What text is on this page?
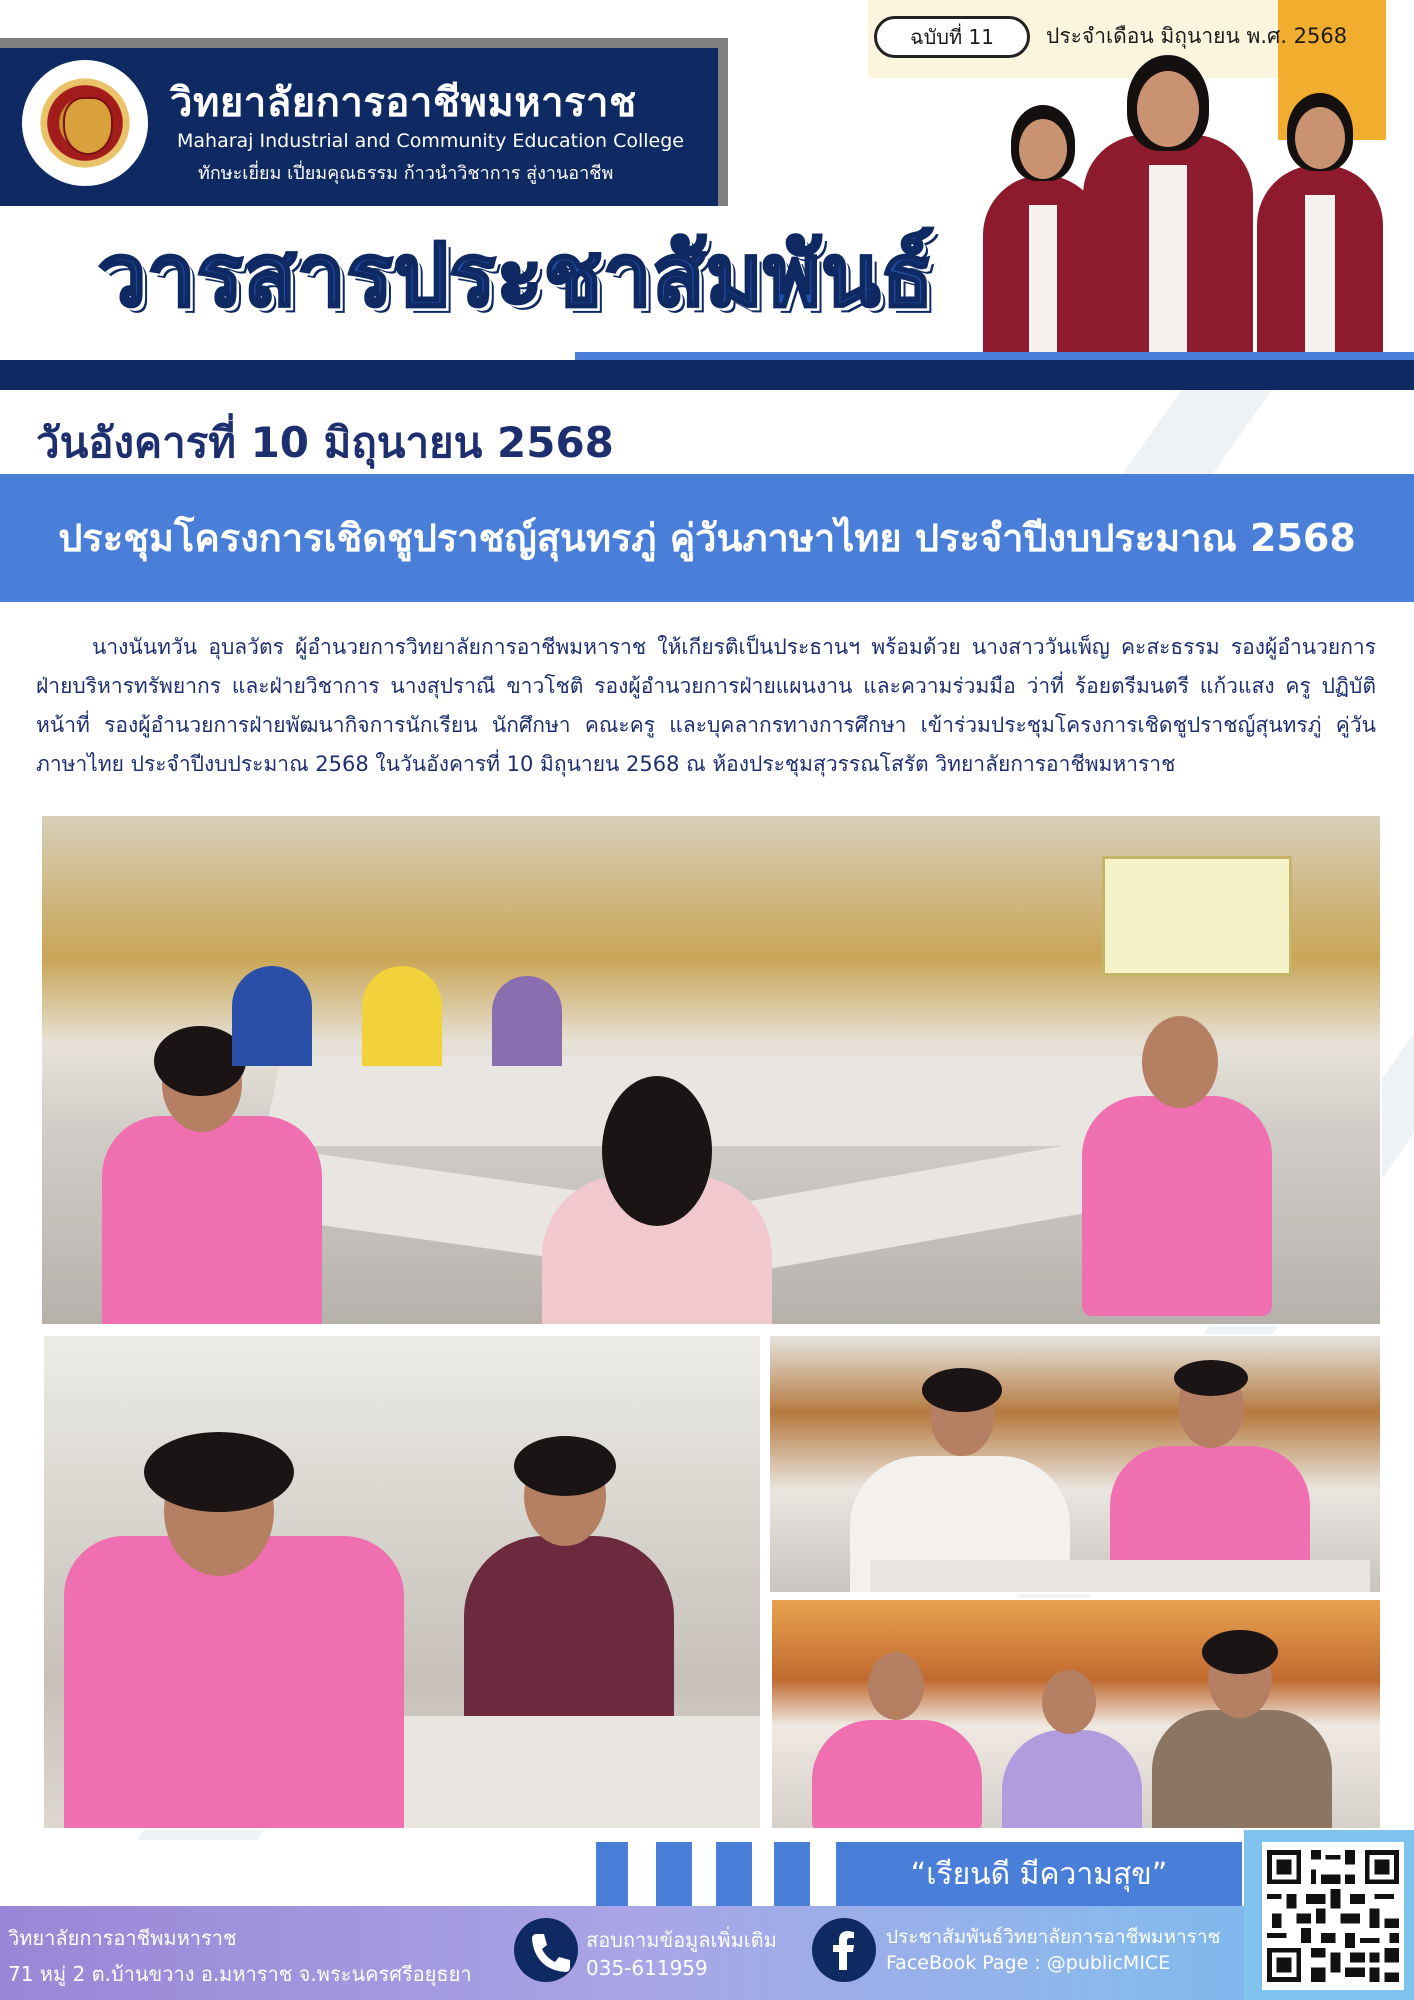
วิทยาลัยการอาชีพมหาราช
Maharaj Industrial and Community Education College
ทักษะเยี่ยม เปี่ยมคุณธรรม ก้าวนำวิชาการ สู่งานอาชีพ
ฉบับที่ 11	ประจำเดือน มิถุนายน พ.ศ. 2568
วารสารประชาสัมพันธ์
วันอังคารที่ 10 มิถุนายน 2568
ประชุมโครงการเชิดชูปราชญ์สุนทรภู่ คู่วันภาษาไทย ประจำปีงบประมาณ 2568

นางนันทวัน อุบลวัตร ผู้อำนวยการวิทยาลัยการอาชีพมหาราช ให้เกียรติเป็นประธานฯ พร้อมด้วย นางสาววันเพ็ญ คะสะธรรม รองผู้อำนวยการฝ่ายบริหารทรัพยากร และฝ่ายวิชาการ นางสุปราณี ขาวโชติ รองผู้อำนวยการฝ่ายแผนงาน และความร่วมมือ ว่าที่ ร้อยตรีมนตรี แก้วแสง ครู ปฏิบัติหน้าที่ รองผู้อำนวยการฝ่ายพัฒนากิจการนักเรียน นักศึกษา คณะครู และบุคลากรทางการศึกษา เข้าร่วมประชุมโครงการเชิดชูปราชญ์สุนทรภู่ คู่วันภาษาไทย ประจำปีงบประมาณ 2568 ในวันอังคารที่ 10 มิถุนายน 2568 ณ ห้องประชุมสุวรรณโสรัต วิทยาลัยการอาชีพมหาราช

“เรียนดี มีความสุข”
วิทยาลัยการอาชีพมหาราช
71 หมู่ 2 ต.บ้านขวาง อ.มหาราช จ.พระนครศรีอยุธยา
สอบถามข้อมูลเพิ่มเติม
035-611959
ประชาสัมพันธ์วิทยาลัยการอาชีพมหาราช
FaceBook Page : @publicMICE
